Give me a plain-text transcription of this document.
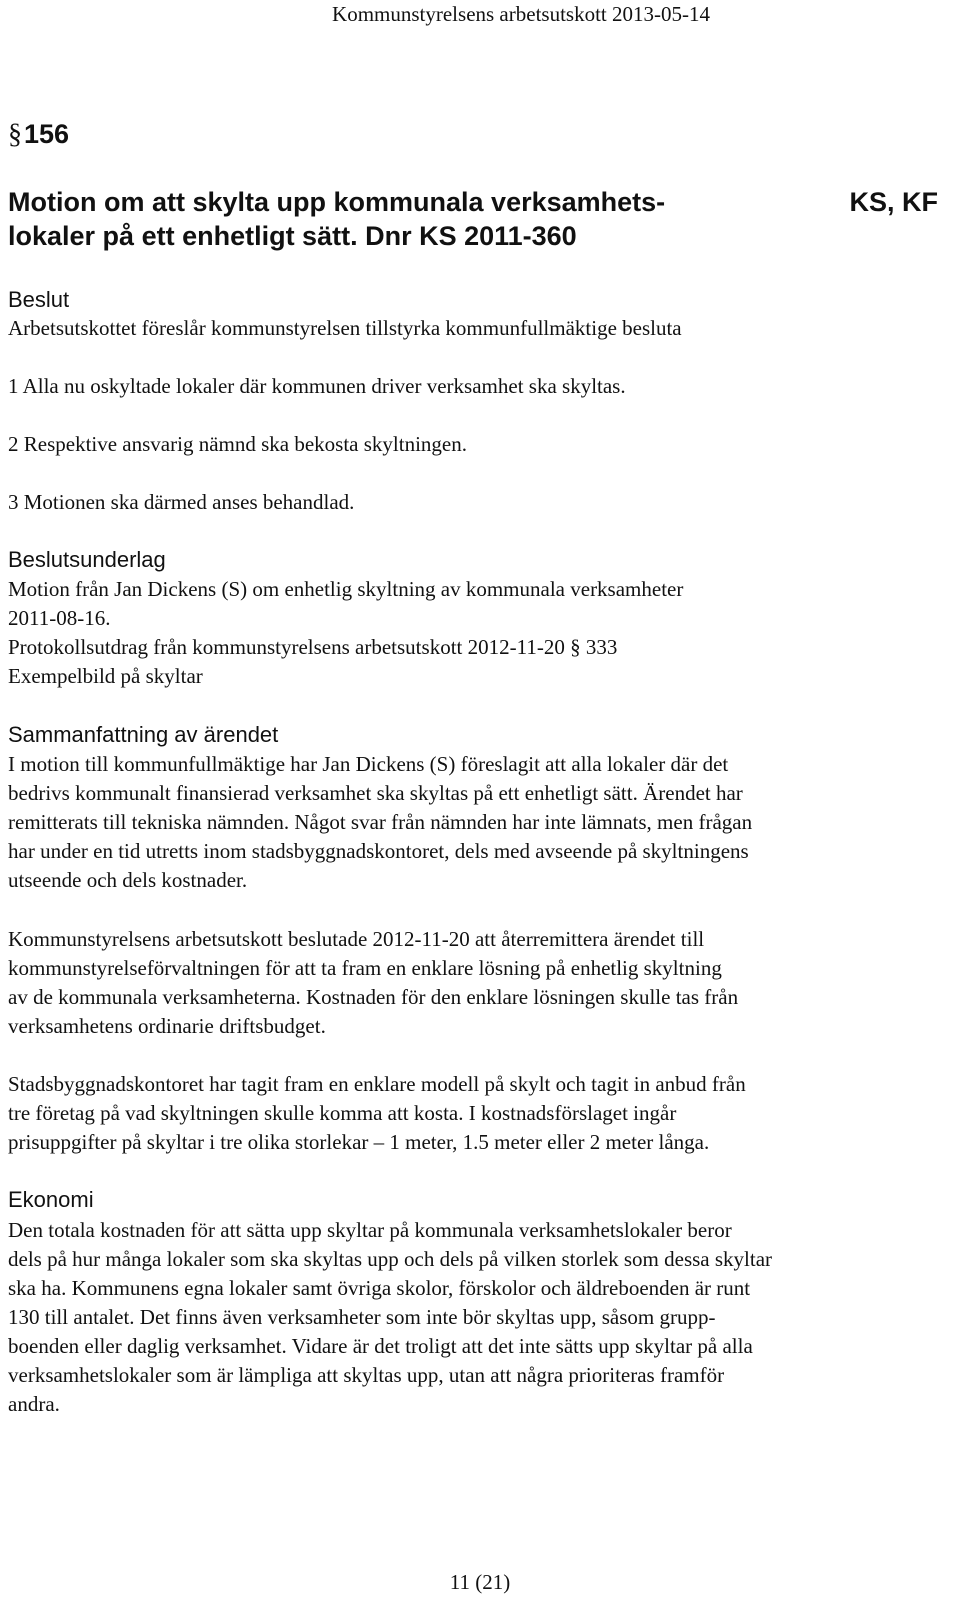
Kommunstyrelsens arbetsutskott 2013-05-14
§156
Motion om att skylta upp kommunala verksamhets-
lokaler på ett enhetligt sätt. Dnr KS 2011-360
KS, KF
Beslut

Arbetsutskottet föreslår kommunstyrelsen tillstyrka kommunfullmäktige besluta

1 Alla nu oskyltade lokaler där kommunen driver verksamhet ska skyltas.

2 Respektive ansvarig nämnd ska bekosta skyltningen.

3 Motionen ska därmed anses behandlad.

Beslutsunderlag
Motion från Jan Dickens (S) om enhetlig skyltning av kommunala verksamheter
2011-08-16.
Protokollsutdrag från kommunstyrelsens arbetsutskott 2012-11-20 § 333
Exempelbild på skyltar
Sammanfattning av ärendet
I motion till kommunfullmäktige har Jan Dickens (S) föreslagit att alla lokaler där det
bedrivs kommunalt finansierad verksamhet ska skyltas på ett enhetligt sätt. Ärendet har
remitterats till tekniska nämnden. Något svar från nämnden har inte lämnats, men frågan
har under en tid utretts inom stadsbyggnadskontoret, dels med avseende på skyltningens
utseende och dels kostnader.
Kommunstyrelsens arbetsutskott beslutade 2012-11-20 att återremittera ärendet till
kommunstyrelseförvaltningen för att ta fram en enklare lösning på enhetlig skyltning
av de kommunala verksamheterna. Kostnaden för den enklare lösningen skulle tas från
verksamhetens ordinarie driftsbudget.
Stadsbyggnadskontoret har tagit fram en enklare modell på skylt och tagit in anbud från
tre företag på vad skyltningen skulle komma att kosta. I kostnadsförslaget ingår
prisuppgifter på skyltar i tre olika storlekar – 1 meter, 1.5 meter eller 2 meter långa.
Ekonomi
Den totala kostnaden för att sätta upp skyltar på kommunala verksamhetslokaler beror
dels på hur många lokaler som ska skyltas upp och dels på vilken storlek som dessa skyltar
ska ha. Kommunens egna lokaler samt övriga skolor, förskolor och äldreboenden är runt
130 till antalet. Det finns även verksamheter som inte bör skyltas upp, såsom grupp-
boenden eller daglig verksamhet. Vidare är det troligt att det inte sätts upp skyltar på alla
verksamhetslokaler som är lämpliga att skyltas upp, utan att några prioriteras framför
andra.
11 (21)
